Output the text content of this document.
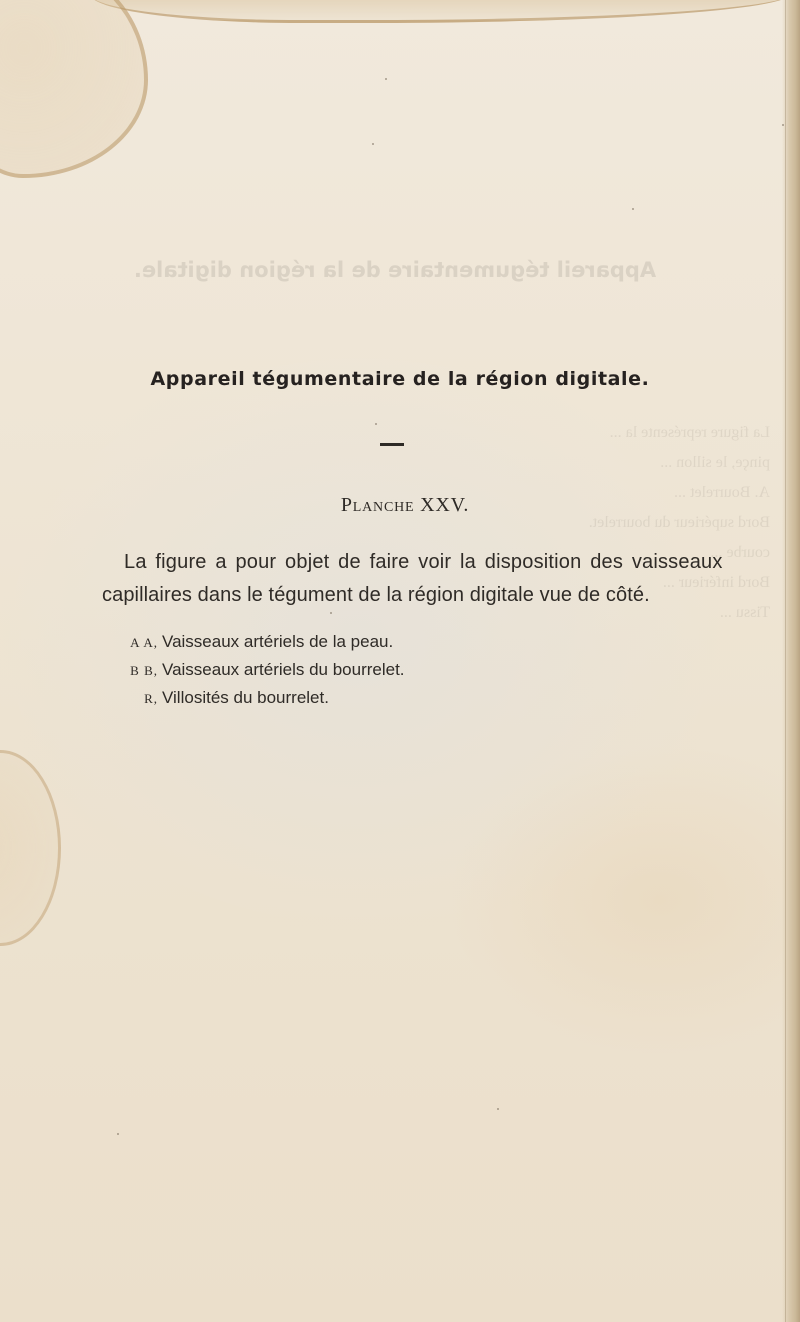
Appareil tégumentaire de la région digitale.
La figure représente la ...
pinçe, le sillon ...
A. Bourrelet ...
Bord supérieur du bourrelet.
courbe ...
Bord inférieur ...
Tissu ...
Appareil tégumentaire de la région digitale.
Planche XXV.
La figure a pour objet de faire voir la disposition des vaisseaux
capillaires dans le tégument de la région digitale vue de côté.
A A, Vaisseaux artériels de la peau.
B B, Vaisseaux artériels du bourrelet.
R, Villosités du bourrelet.
